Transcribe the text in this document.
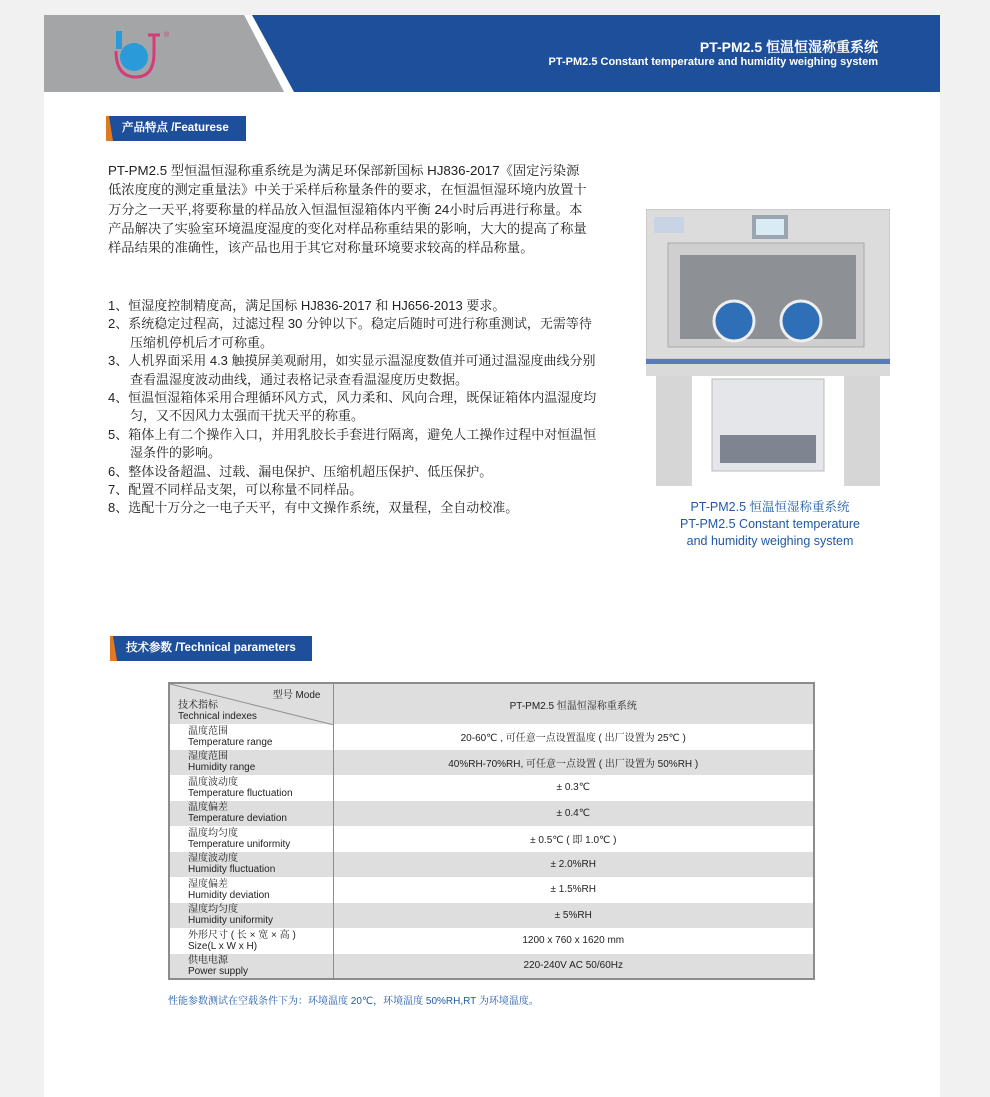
®
PT-PM2.5 恒温恒湿称重系统
PT-PM2.5 Constant temperature and humidity weighing system
产品特点 /Featurese
PT-PM2.5 型恒温恒湿称重系统是为满足环保部新国标 HJ836-2017《固定污染源低浓度度的测定重量法》中关于采样后称量条件的要求，在恒温恒湿环境内放置十万分之一天平,将要称量的样品放入恒温恒湿箱体内平衡 24小时后再进行称量。本产品解决了实验室环境温度湿度的变化对样品称重结果的影响，大大的提高了称量样品结果的准确性，该产品也用于其它对称量环境要求较高的样品称量。
1、恒湿度控制精度高，满足国标 HJ836-2017 和 HJ656-2013 要求。
2、系统稳定过程高，过滤过程 30 分钟以下。稳定后随时可进行称重测试，无需等待压缩机停机后才可称重。
3、人机界面采用 4.3 触摸屏美观耐用，如实显示温湿度数值并可通过温湿度曲线分别查看温湿度波动曲线，通过表格记录查看温湿度历史数据。
4、恒温恒湿箱体采用合理循环风方式，风力柔和、风向合理，既保证箱体内温湿度均匀，又不因风力太强而干扰天平的称重。
5、箱体上有二个操作入口，并用乳胶长手套进行隔离，避免人工操作过程中对恒温恒湿条件的影响。
6、整体设备超温、过载、漏电保护、压缩机超压保护、低压保护。
7、配置不同样品支架，可以称量不同样品。
8、选配十万分之一电子天平，有中文操作系统，双量程，全自动校准。	PT-PM2.5 恒温恒湿称重系统
PT-PM2.5 Constant temperature
and humidity weighing system
技术参数 /Technical parameters
型号 Mode
技术指标
Technical indexes	PT-PM2.5 恒温恒湿称重系统

温度范围
Temperature range	20-60℃ , 可任意一点设置温度 ( 出厂设置为 25℃ )

湿度范围
Humidity range	40%RH-70%RH, 可任意一点设置 ( 出厂设置为 50%RH )

温度波动度
Temperature fluctuation	± 0.3℃

温度偏差
Temperature deviation	± 0.4℃

温度均匀度
Temperature uniformity	± 0.5℃ ( 即 1.0℃ )

湿度波动度
Humidity fluctuation	± 2.0%RH

湿度偏差
Humidity deviation	± 1.5%RH

湿度均匀度
Humidity uniformity	± 5%RH

外形尺寸 ( 长 × 宽 × 高 )
Size(L x W x H)	1200 x 760 x 1620 mm

供电电源
Power supply	220-240V AC 50/60Hz
性能参数测试在空载条件下为：环境温度 20℃，环境温度 50%RH,RT 为环境温度。
